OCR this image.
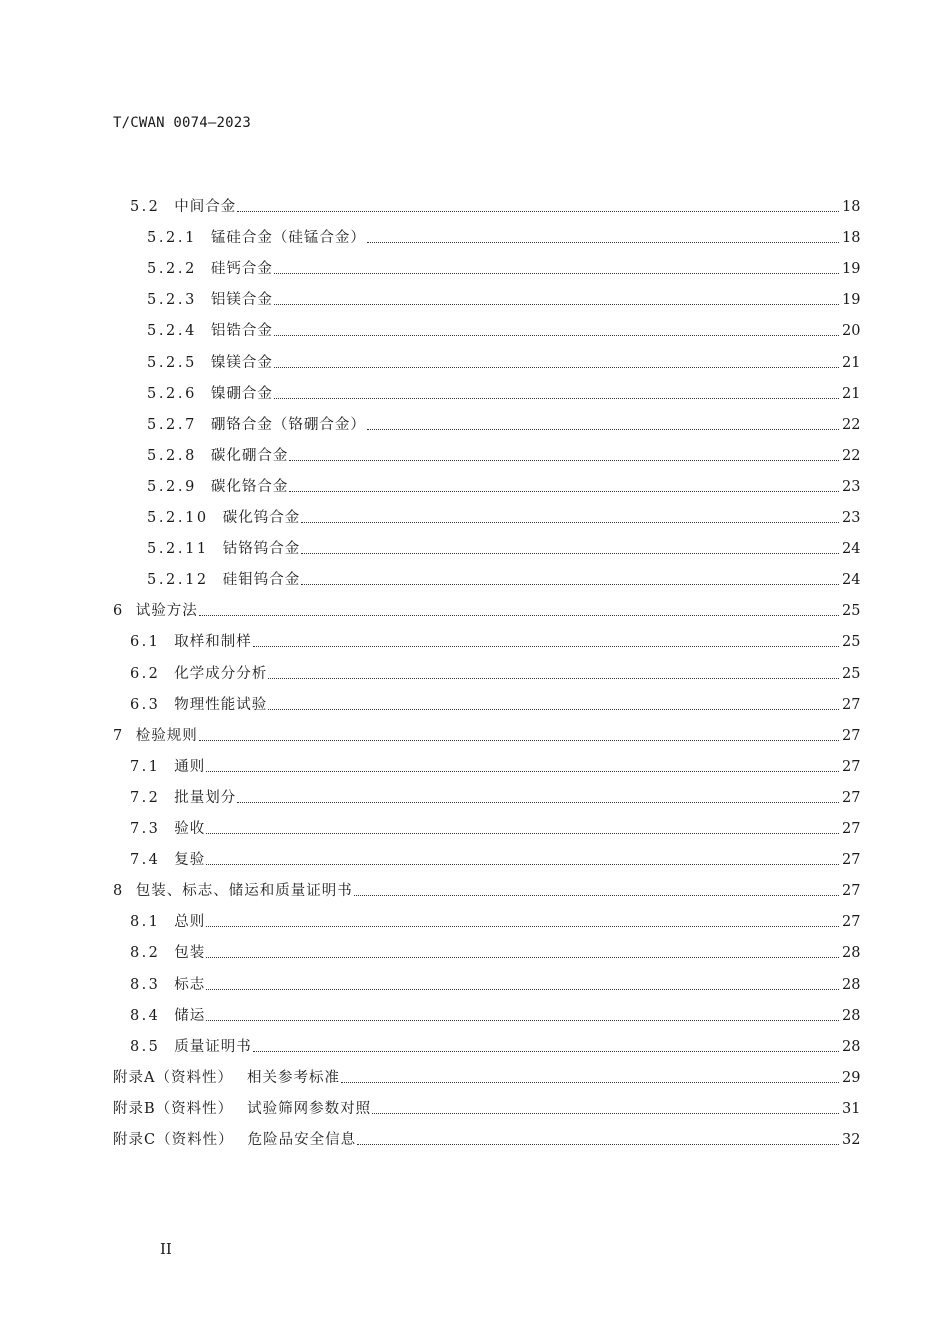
T/CWAN 0074—2023
5.2 中间合金	18
5.2.1 锰硅合金（硅锰合金）	18
5.2.2 硅钙合金	19
5.2.3 铝镁合金	19
5.2.4 铝锆合金	20
5.2.5 镍镁合金	21
5.2.6 镍硼合金	21
5.2.7 硼铬合金（铬硼合金）	22
5.2.8 碳化硼合金	22
5.2.9 碳化铬合金	23
5.2.10 碳化钨合金	23
5.2.11 钴铬钨合金	24
5.2.12 硅钼钨合金	24
6 试验方法	25
6.1 取样和制样	25
6.2 化学成分分析	25
6.3 物理性能试验	27
7 检验规则	27
7.1 通则	27
7.2 批量划分	27
7.3 验收	27
7.4 复验	27
8 包装、标志、储运和质量证明书	27
8.1 总则	27
8.2 包装	28
8.3 标志	28
8.4 储运	28
8.5 质量证明书	28
附录A（资料性） 相关参考标准	29
附录B（资料性） 试验筛网参数对照	31
附录C（资料性） 危险品安全信息	32
II
